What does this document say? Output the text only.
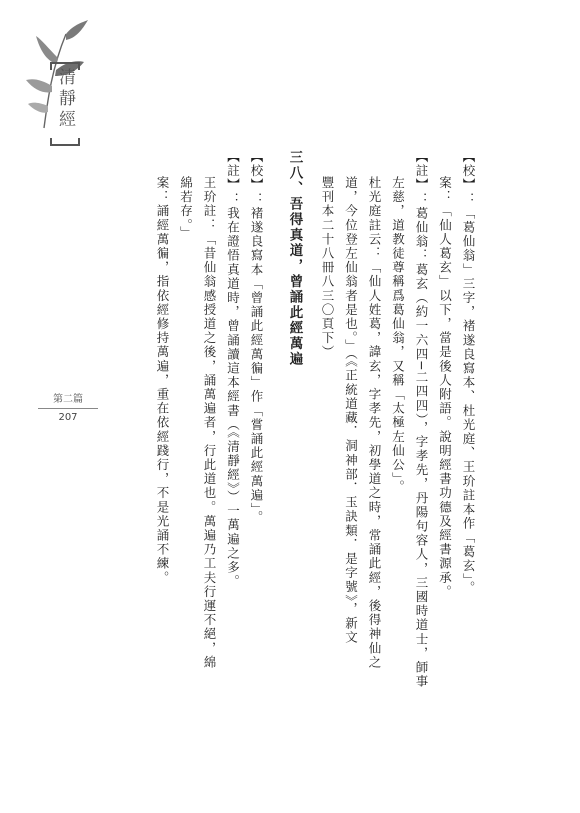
清靜經
第二篇
207	【校】：「葛仙翁」三字，褚遂良寫本、杜光庭、王玠註本作「葛玄」。
案：「仙人葛玄」以下，當是後人附語。說明經書功德及經書源承。
【註】：葛仙翁：葛玄（約一六四─二四四），字孝先，丹陽句容人，三國時道士，師事
左慈，道教徒尊稱爲葛仙翁，又稱「太極左仙公」。
杜光庭註云：「仙人姓葛，諱玄，字孝先，初學道之時，常誦此經，後得神仙之
道，今位登左仙翁者是也。」（《正統道藏．洞神部．玉訣類．是字號》，新文
豐刊本二十八冊八三〇頁下）
三八、吾得真道，曾誦此經萬遍
【校】：褚遂良寫本「曾誦此經萬徧」作「嘗誦此經萬遍」。
【註】：我在證悟真道時，曾誦讀這本經書（《清靜經》）一萬遍之多。
王玠註：「昔仙翁感授道之後，誦萬遍者，行此道也。萬遍乃工夫行運不絕，綿
綿若存。」
案：誦經萬徧，指依經修持萬遍，重在依經踐行，不是光誦不練。
